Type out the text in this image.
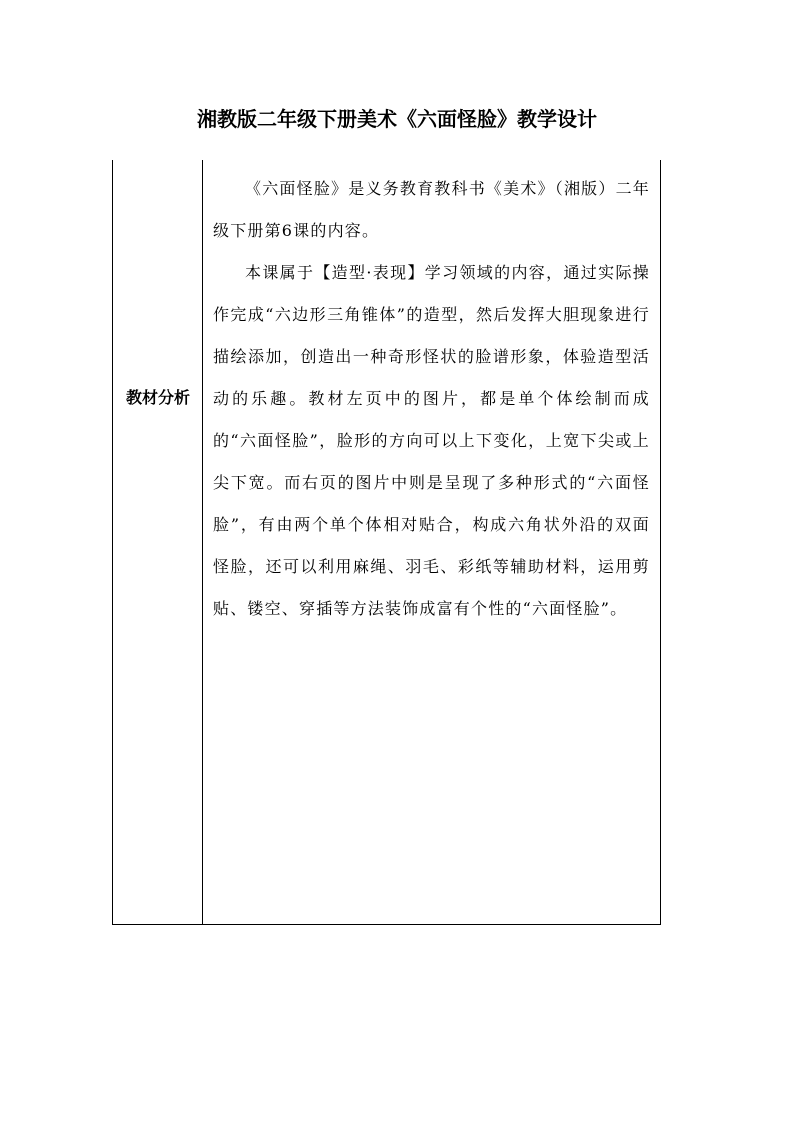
湘教版二年级下册美术《六面怪脸》教学设计
教材分析

《六面怪脸》是义务教育教科书《美术》（湘版）二年级下册第6课的内容。

本课属于【造型·表现】学习领域的内容，通过实际操作完成“六边形三角锥体”的造型，然后发挥大胆现象进行描绘添加，创造出一种奇形怪状的脸谱形象，体验造型活动的乐趣。教材左页中的图片，都是单个体绘制而成的“六面怪脸”，脸形的方向可以上下变化，上宽下尖或上尖下宽。而右页的图片中则是呈现了多种形式的“六面怪脸”，有由两个单个体相对贴合，构成六角状外沿的双面怪脸，还可以利用麻绳、羽毛、彩纸等辅助材料，运用剪贴、镂空、穿插等方法装饰成富有个性的“六面怪脸”。
